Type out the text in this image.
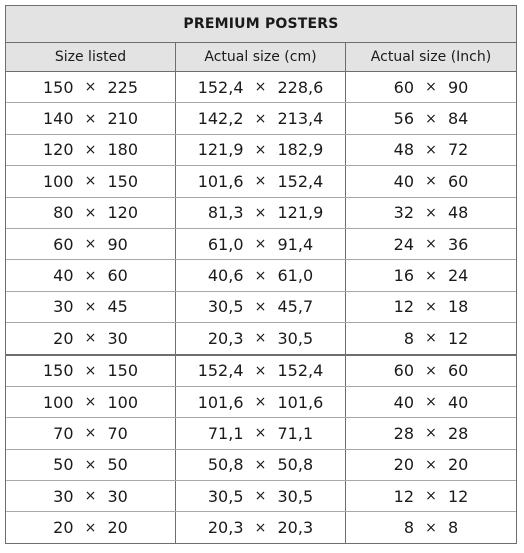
PREMIUM POSTERS
Size listed	Actual size (cm)	Actual size (Inch)
150 × 225	152,4 × 228,6	60 × 90
140 × 210	142,2 × 213,4	56 × 84
120 × 180	121,9 × 182,9	48 × 72
100 × 150	101,6 × 152,4	40 × 60
80 × 120	81,3 × 121,9	32 × 48
60 × 90	61,0 × 91,4	24 × 36
40 × 60	40,6 × 61,0	16 × 24
30 × 45	30,5 × 45,7	12 × 18
20 × 30	20,3 × 30,5	8 × 12
150 × 150	152,4 × 152,4	60 × 60
100 × 100	101,6 × 101,6	40 × 40
70 × 70	71,1 × 71,1	28 × 28
50 × 50	50,8 × 50,8	20 × 20
30 × 30	30,5 × 30,5	12 × 12
20 × 20	20,3 × 20,3	8 × 8
